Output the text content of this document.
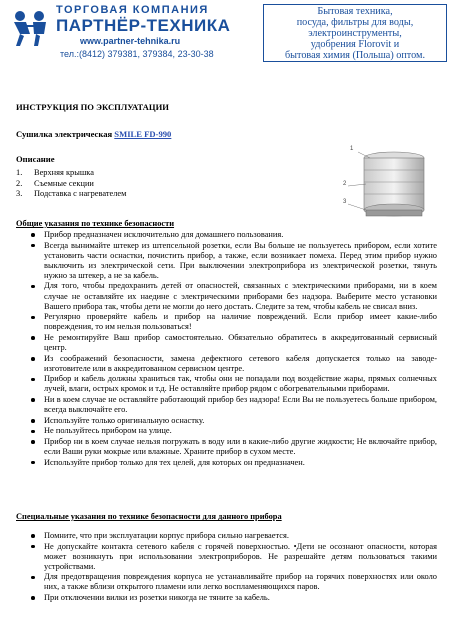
ТОРГОВАЯ КОМПАНИЯ
ПАРТНЁР-ТЕХНИКА
www.partner-tehnika.ru
тел.:(8412) 379381, 379384, 23-30-38
Бытовая техника,
посуда, фильтры для воды,
электроинструменты,
удобрения Florovit и
бытовая химия (Польша) оптом.
ИНСТРУКЦИЯ ПО ЭКСПЛУАТАЦИИ
Сушилка электрическая SMILE FD-990
Описание
1. Верхняя крышка
2. Съемные секции
3. Подставка с нагревателем
1
2
3
Общие указания по технике безопасности
Прибор предназначен исключительно для домашнего пользования.
Всегда вынимайте штекер из штепсельной розетки, если Вы больше не пользуетесь прибором, если хотите установить части оснастки, почистить прибор, а также, если возникает помеха. Перед этим прибор нужно выключить из электрической сети. При выключении электроприбора из электрической розетки, тянуть нужно за штекер, а не за кабель.
Для того, чтобы предохранить детей от опасностей, связанных с электрическими приборами, ни в коем случае не оставляйте их наедине с электрическими приборами без надзора. Выберите место установки Вашего прибора так, чтобы дети не могли до него достать. Следите за тем, чтобы кабель не свисал вниз.
Регулярно проверяйте кабель и прибор на наличие повреждений. Если прибор имеет какие-либо повреждения, то им нельзя пользоваться!
Не ремонтируйте Ваш прибор самостоятельно. Обязательно обратитесь в аккредитованный сервисный центр.
Из соображений безопасности, замена дефектного сетевого кабеля допускается только на заводе-изготовителе или в аккредитованном сервисном центре.
Прибор и кабель должны храниться так, чтобы они не попадали под воздействие жары, прямых солнечных лучей, влаги, острых кромок и т.д. Не оставляйте прибор рядом с обогревательными приборами.
Ни в коем случае не оставляйте работающий прибор без надзора! Если Вы не пользуетесь больше прибором, всегда выключайте его.
Используйте только оригинальную оснастку.
Не пользуйтесь прибором на улице.
Прибор ни в коем случае нельзя погружать в воду или в какие-либо другие жидкости; Не включайте прибор, если Ваши руки мокрые или влажные. Храните прибор в сухом месте.
Используйте прибор только для тех целей, для которых он предназначен.
Специальные указания по технике безопасности для данного прибора
Помните, что при эксплуатации корпус прибора сильно нагревается.
Не допускайте контакта сетевого кабеля с горячей поверхностью. •Дети не осознают опасности, которая может возникнуть при использовании электроприборов. Не разрешайте детям пользоваться такими устройствами.
Для предотвращения повреждения корпуса не устанавливайте прибор на горячих поверхностях или около них, а также вблизи открытого пламени или легко воспламеняющихся паров.
При отключении вилки из розетки никогда не тяните за кабель.
